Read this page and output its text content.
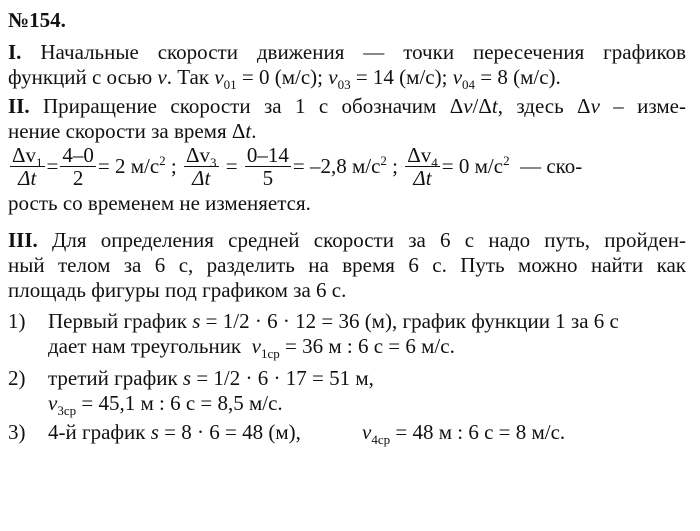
№154.
I. Начальные скорости движения — точки пересечения графиков
функций с осью v. Так $v_{01} = 0$ (м/с); $v_{03} = 14$ (м/с); $v_{04} = 8$ (м/с).
II. Приращение скорости за 1 с обозначим Δv/Δt, здесь Δv – изме-
нение скорости за время Δt.
$\frac{\Delta v_1}{\Delta t} = \frac{4-0}{2} = 2$ $м/с^2$ ; $\frac{\Delta v_3}{\Delta t} = \frac{0-14}{5} = -2,8$ $м/с^2$ ; $\frac{\Delta v_4}{\Delta t} = 0$ $м/с^2$ — ско-
рость со временем не изменяется.
III. Для определения средней скорости за 6 с надо путь, пройден-
ный телом за 6 с, разделить на время 6 с. Путь можно найти как
площадь фигуры под графиком за 6 с.
1) Первый график s = 1/2 · 6 · 12 = 36 (м), график функции 1 за 6 с
дает нам треугольник  $v_{1ср} = 36$ м : 6 с = 6 м/с.
2) третий график s = 1/2 · 6 · 17 = 51 м,
$v_{3ср} = 45,1$ м : 6 с = 8,5 м/с.
3) 4-й график s = 8 · 6 = 48 (м),	$v_{4ср} = 48$ м : 6 с = 8 м/с.
